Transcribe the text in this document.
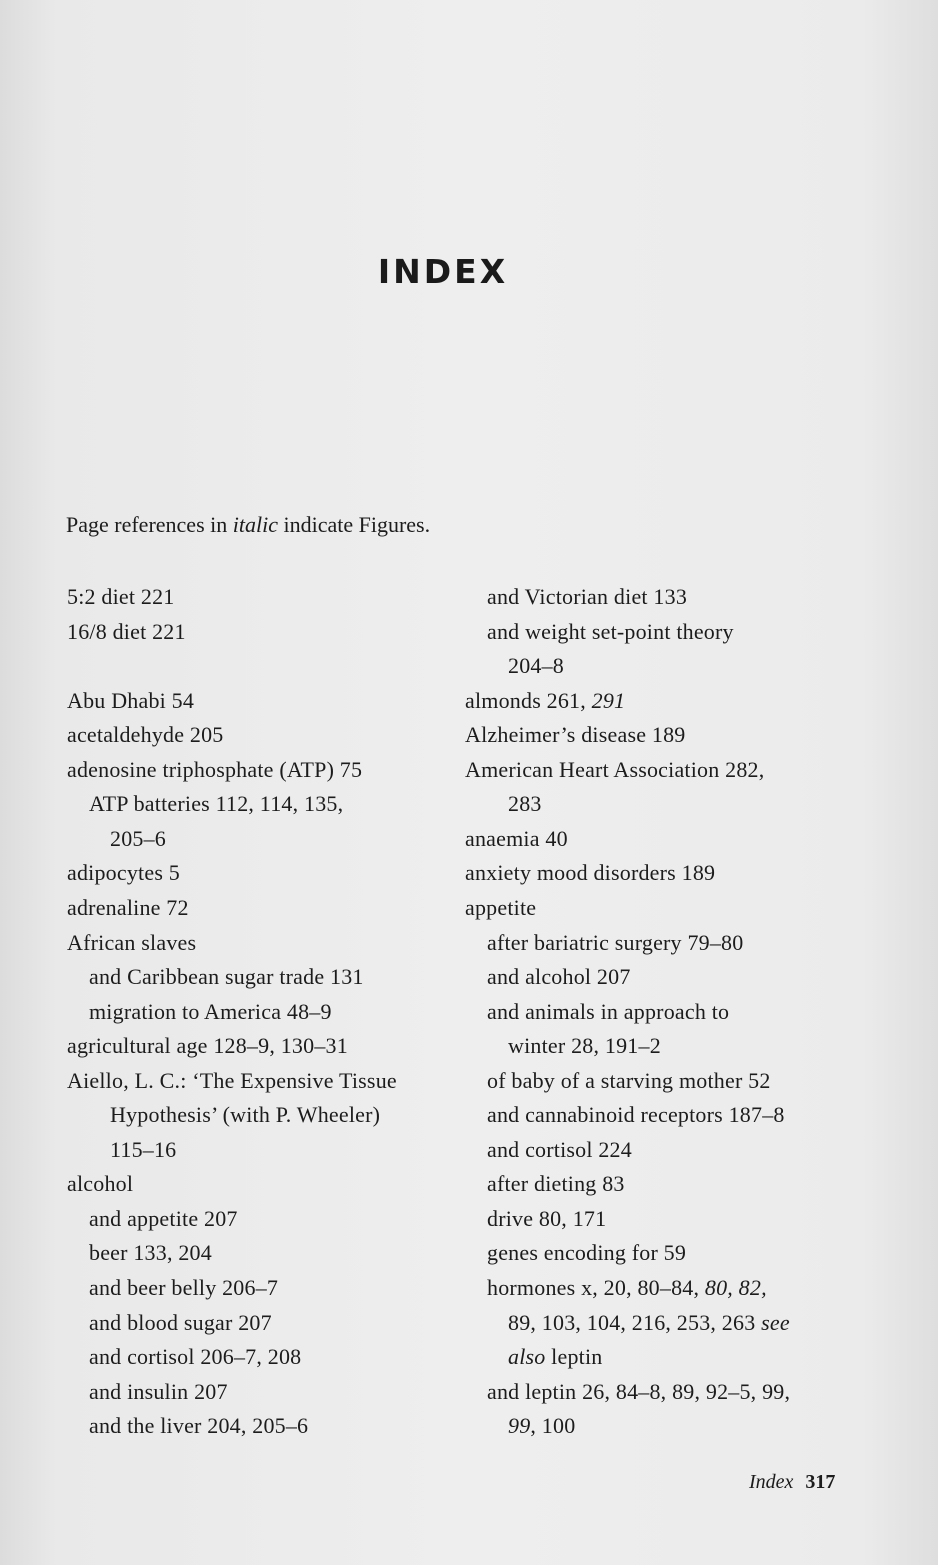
INDEX
Page references in italic indicate Figures.
5:2 diet 221
16/8 diet 221
Abu Dhabi 54
acetaldehyde 205
adenosine triphosphate (ATP) 75
ATP batteries 112, 114, 135,
205–6
adipocytes 5
adrenaline 72
African slaves
and Caribbean sugar trade 131
migration to America 48–9
agricultural age 128–9, 130–31
Aiello, L. C.: ‘The Expensive Tissue
Hypothesis’ (with P. Wheeler)
115–16
alcohol
and appetite 207
beer 133, 204
and beer belly 206–7
and blood sugar 207
and cortisol 206–7, 208
and insulin 207
and the liver 204, 205–6
and Victorian diet 133
and weight set-point theory
204–8
almonds 261, 291
Alzheimer’s disease 189
American Heart Association 282,
283
anaemia 40
anxiety mood disorders 189
appetite
after bariatric surgery 79–80
and alcohol 207
and animals in approach to
winter 28, 191–2
of baby of a starving mother 52
and cannabinoid receptors 187–8
and cortisol 224
after dieting 83
drive 80, 171
genes encoding for 59
hormones x, 20, 80–84, 80, 82,
89, 103, 104, 216, 253, 263 see
also leptin
and leptin 26, 84–8, 89, 92–5, 99,
99, 100
Index 317
